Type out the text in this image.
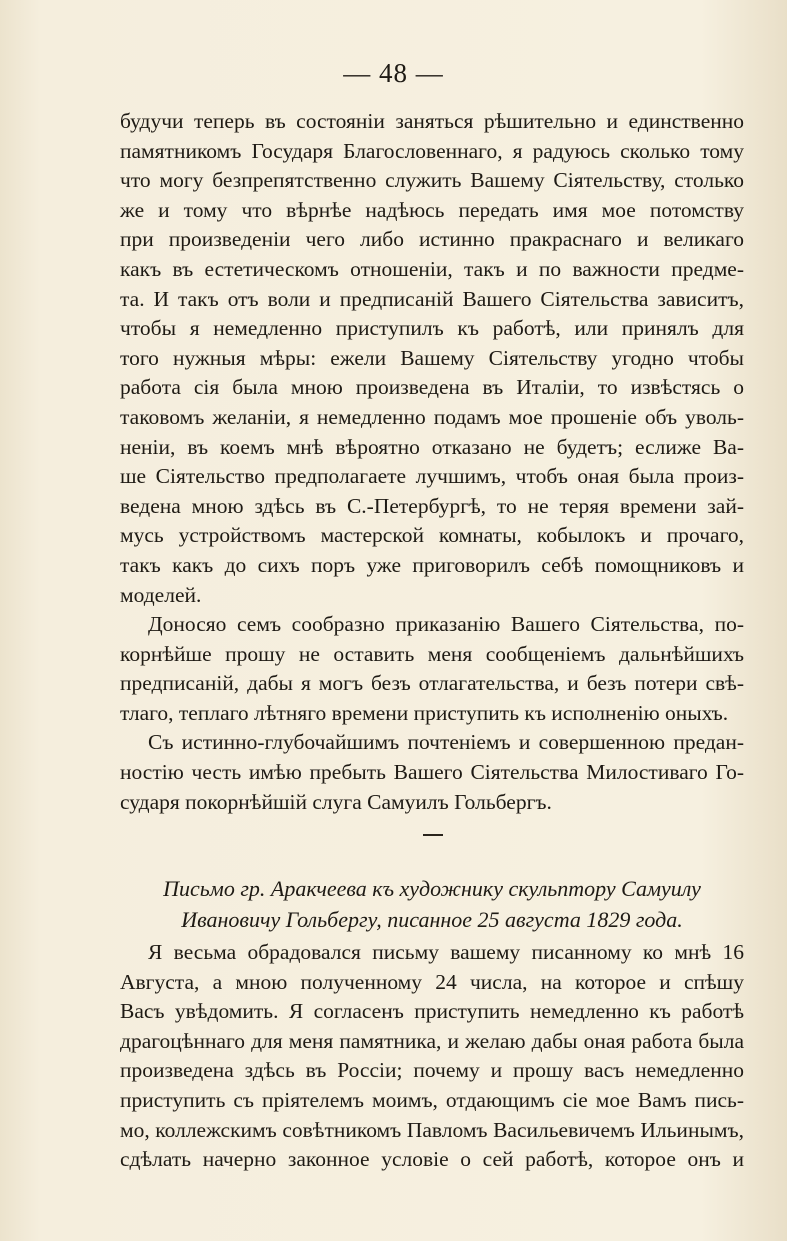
— 48 —
будучи теперь въ состояніи заняться рѣшительно и единственно
памятникомъ Государя Благословеннаго, я радуюсь сколько тому
что могу безпрепятственно служить Вашему Сіятельству, столько
же и тому что вѣрнѣе надѣюсь передать имя мое потомству
при произведеніи чего либо истинно пракраснаго и великаго
какъ въ естетическомъ отношеніи, такъ и по важности предме-
та. И такъ отъ воли и предписаній Вашего Сіятельства зависитъ,
чтобы я немедленно приступилъ къ работѣ, или принялъ для
того нужныя мѣры: ежели Вашему Сіятельству угодно чтобы
работа сія была мною произведена въ Италіи, то извѣстясь о
таковомъ желаніи, я немедленно подамъ мое прошеніе объ уволь-
неніи, въ коемъ мнѣ вѣроятно отказано не будетъ; еслиже Ва-
ше Сіятельство предполагаете лучшимъ, чтобъ оная была произ-
ведена мною здѣсь въ С.-Петербургѣ, то не теряя времени зай-
мусь устройствомъ мастерской комнаты, кобылокъ и прочаго,
такъ какъ до сихъ поръ уже приговорилъ себѣ помощниковъ и
моделей.
Доносяо семъ сообразно приказанію Вашего Сіятельства, по-
корнѣйше прошу не оставить меня сообщеніемъ дальнѣйшихъ
предписаній, дабы я могъ безъ отлагательства, и безъ потери свѣ-
тлаго, теплаго лѣтняго времени приступить къ исполненію оныхъ.
Съ истинно-глубочайшимъ почтеніемъ и совершенною предан-
ностію честь имѣю пребыть Вашего Сіятельства Милостиваго Го-
сударя покорнѣйшій слуга Самуилъ Гольбергъ.
Письмо гр. Аракчеева къ художнику скульптору Самуилу
Ивановичу Гольбергу, писанное 25 августа 1829 года.
Я весьма обрадовался письму вашему писанному ко мнѣ 16
Августа, а мною полученному 24 числа, на которое и спѣшу
Васъ увѣдомить. Я согласенъ приступить немедленно къ работѣ
драгоцѣннаго для меня памятника, и желаю дабы оная работа была
произведена здѣсь въ Россіи; почему и прошу васъ немедленно
приступить съ пріятелемъ моимъ, отдающимъ сіе мое Вамъ пись-
мо, коллежскимъ совѣтникомъ Павломъ Васильевичемъ Ильинымъ,
сдѣлать начерно законное условіе о сей работѣ, которое онъ и
